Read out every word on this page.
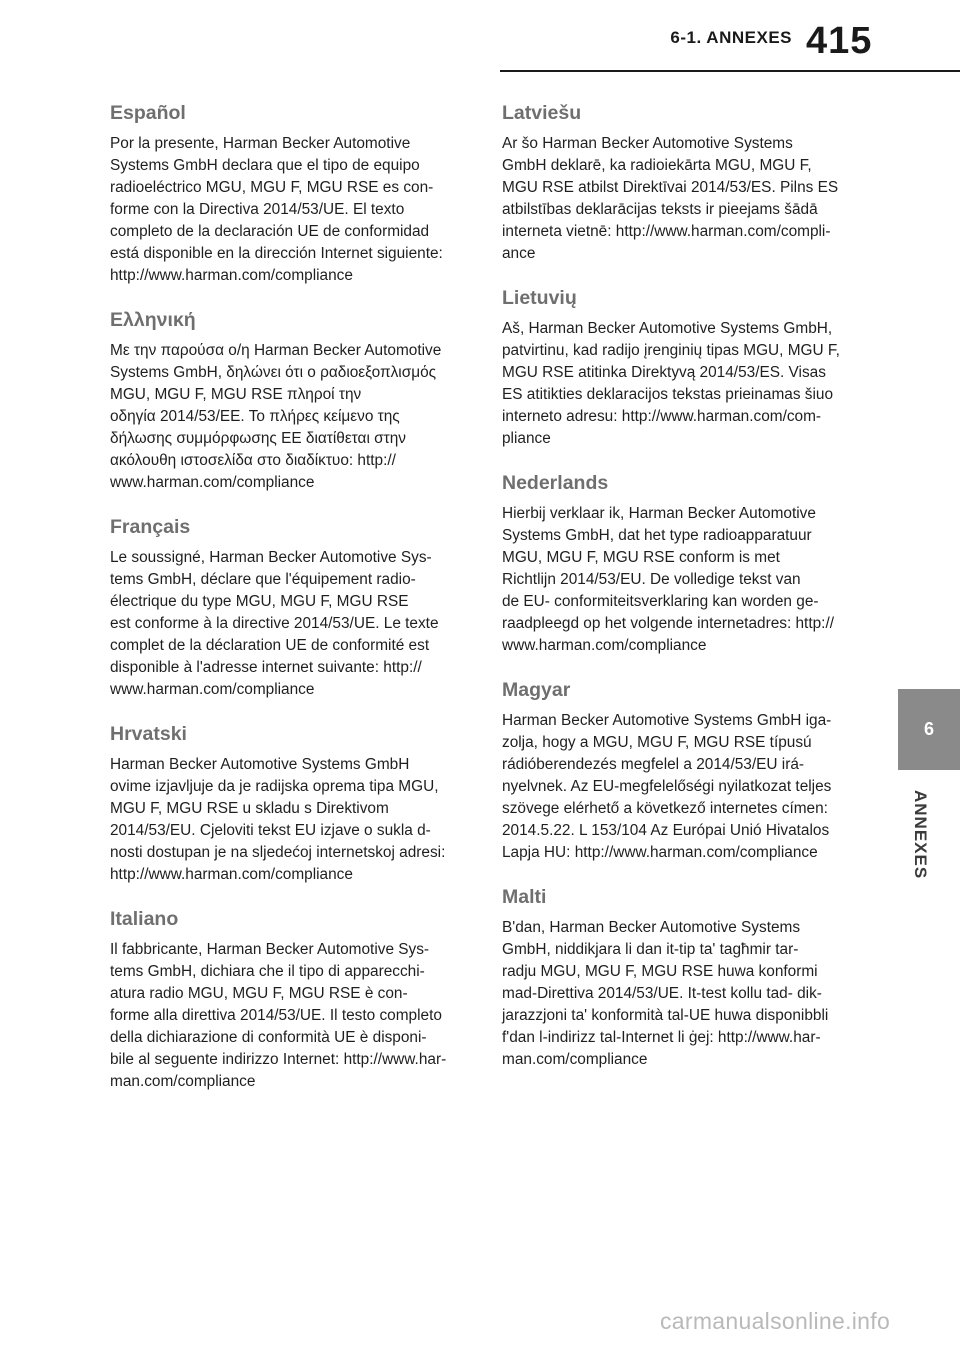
6-1. ANNEXES 415
Español

Por la presente, Harman Becker Automotive
Systems GmbH declara que el tipo de equipo
radioeléctrico MGU, MGU F, MGU RSE es con-
forme con la Directiva 2014/53/UE. El texto
completo de la declaración UE de conformidad
está disponible en la dirección Internet siguiente:
http://www.harman.com/compliance

Ελληνική

Με την παρούσα ο/η Harman Becker Automotive
Systems GmbH, δηλώνει ότι ο ραδιοεξοπλισμός
MGU, MGU F, MGU RSE πληροί την
οδηγία 2014/53/ΕΕ. Το πλήρες κείμενο της
δήλωσης συμμόρφωσης ΕΕ διατίθεται στην
ακόλουθη ιστοσελίδα στο διαδίκτυο: http://
www.harman.com/compliance

Français

Le soussigné, Harman Becker Automotive Sys-
tems GmbH, déclare que l'équipement radio-
électrique du type MGU, MGU F, MGU RSE
est conforme à la directive 2014/53/UE. Le texte
complet de la déclaration UE de conformité est
disponible à l'adresse internet suivante: http://
www.harman.com/compliance

Hrvatski

Harman Becker Automotive Systems GmbH
ovime izjavljuje da je radijska oprema tipa MGU,
MGU F, MGU RSE u skladu s Direktivom
2014/53/EU. Cjeloviti tekst EU izjave o sukla d-
nosti dostupan je na sljedećoj internetskoj adresi:
http://www.harman.com/compliance

Italiano

Il fabbricante, Harman Becker Automotive Sys-
tems GmbH, dichiara che il tipo di apparecchi-
atura radio MGU, MGU F, MGU RSE è con-
forme alla direttiva 2014/53/UE. Il testo completo
della dichiarazione di conformità UE è disponi-
bile al seguente indirizzo Internet: http://www.har-
man.com/compliance

Latviešu

Ar šo Harman Becker Automotive Systems
GmbH deklarē, ka radioiekārta MGU, MGU F,
MGU RSE atbilst Direktīvai 2014/53/ES. Pilns ES
atbilstības deklarācijas teksts ir pieejams šādā
interneta vietnē: http://www.harman.com/compli-
ance

Lietuvių

Aš, Harman Becker Automotive Systems GmbH,
patvirtinu, kad radijo įrenginių tipas MGU, MGU F,
MGU RSE atitinka Direktyvą 2014/53/ES. Visas
ES atitikties deklaracijos tekstas prieinamas šiuo
interneto adresu: http://www.harman.com/com-
pliance

Nederlands

Hierbij verklaar ik, Harman Becker Automotive
Systems GmbH, dat het type radioapparatuur
MGU, MGU F, MGU RSE conform is met
Richtlijn 2014/53/EU. De volledige tekst van
de EU- conformiteitsverklaring kan worden ge-
raadpleegd op het volgende internetadres: http://
www.harman.com/compliance

Magyar

Harman Becker Automotive Systems GmbH iga-
zolja, hogy a MGU, MGU F, MGU RSE típusú
rádióberendezés megfelel a 2014/53/EU irá-
nyelvnek. Az EU-megfelelőségi nyilatkozat teljes
szövege elérhető a következő internetes címen:
2014.5.22. L 153/104 Az Európai Unió Hivatalos
Lapja HU: http://www.harman.com/compliance

Malti

B'dan, Harman Becker Automotive Systems
GmbH, niddikjara li dan it-tip ta' tagħmir tar-
radju MGU, MGU F, MGU RSE huwa konformi
mad-Direttiva 2014/53/UE. It-test kollu tad- dik-
jarazzjoni ta' konformità tal-UE huwa disponibbli
f'dan l-indirizz tal-Internet li ġej: http://www.har-
man.com/compliance

6
ANNEXES
carmanualsonline.info
